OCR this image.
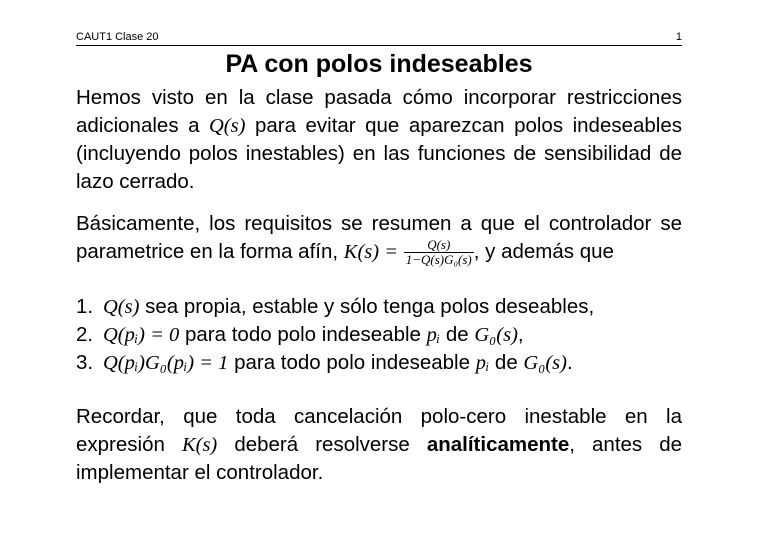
CAUT1 Clase 20	1
PA con polos indeseables

Hemos visto en la clase pasada cómo incorporar restricciones adicionales a Q(s) para evitar que aparezcan polos indeseables (incluyendo polos inestables) en las funciones de sensibilidad de lazo cerrado.

Básicamente, los requisitos se resumen a que el controlador se parametrice en la forma afín, $K(s) = \frac{Q(s)}{\text{1−Q(s)G₀(s)}}$ , y además que

1. Q(s) sea propia, estable y sólo tenga polos deseables,
2. Q(pᵢ) = 0 para todo polo indeseable pᵢ de G₀(s),
3. Q(pᵢ)G₀(pᵢ) = 1 para todo polo indeseable pᵢ de G₀(s).

Recordar, que toda cancelación polo-cero inestable en la expresión K(s) deberá resolverse analíticamente, antes de implementar el controlador.
